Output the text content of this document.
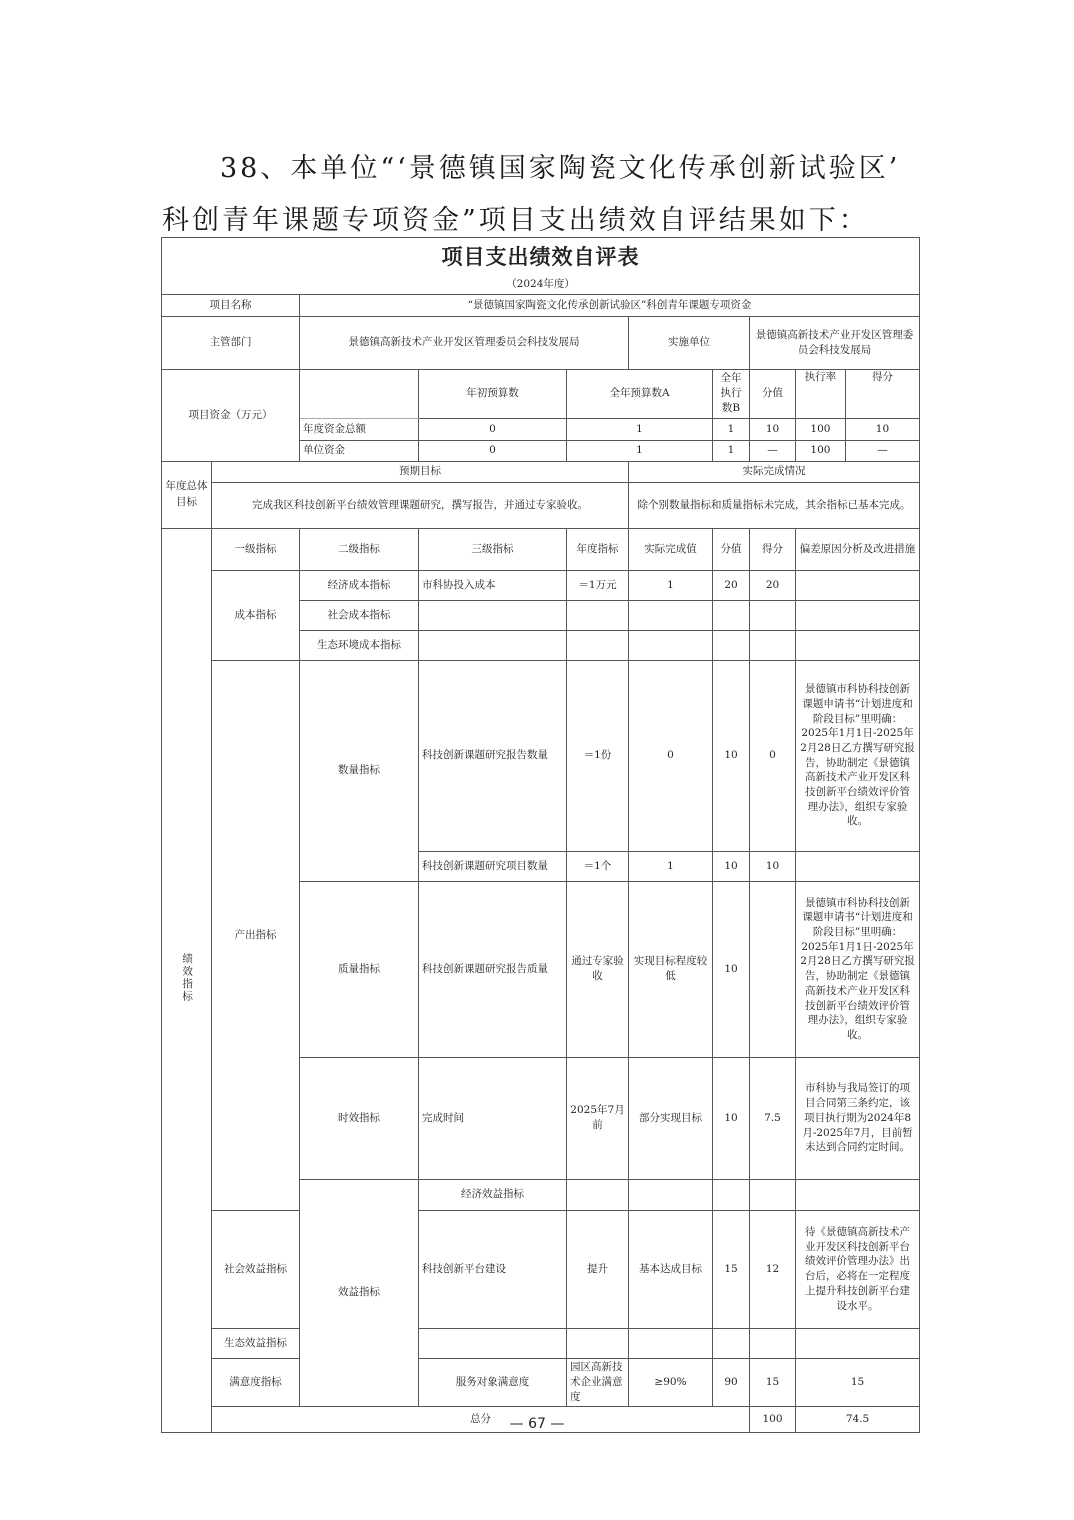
38、本单位“‘景德镇国家陶瓷文化传承创新试验区’
科创青年课题专项资金”项目支出绩效自评结果如下：
项目支出绩效自评表									
（2024年度）									
项目名称		“景德镇国家陶瓷文化传承创新试验区”科创青年课题专项资金							
主管部门		景德镇高新技术产业开发区管理委员会科技发展局			实施单位		景德镇高新技术产业开发区管理委员会科技发展局		
项目资金（万元）			年初预算数	全年预算数A		全年执行数B	分值	执行率 得分	

		年度资金总额	0	1		1	10	100 10	

		单位资金	0	1		1	—	100 —	

年度总体目标	预期目标				实际完成情况				
	完成我区科技创新平台绩效管理课题研究，撰写报告，并通过专家验收。				除个别数量指标和质量指标未完成，其余指标已基本完成。				
绩效指标	一级指标	二级指标	三级指标	年度指标	实际完成值	分值	得分	偏差原因分析及改进措施	
	成本指标	经济成本指标	市科协投入成本	＝1万元	1	20	20		
		社会成本指标							
		生态环境成本指标							
	产出指标	数量指标	科技创新课题研究报告数量	＝1份	0	10	0	景德镇市科协科技创新课题申请书“计划进度和阶段目标”里明确：2025年1月1日-2025年2月28日乙方撰写研究报告，协助制定《景德镇高新技术产业开发区科技创新平台绩效评价管理办法》，组织专家验收。	
			科技创新课题研究项目数量	＝1个	1	10	10		
		质量指标	科技创新课题研究报告质量	通过专家验收	实现目标程度较低	10		景德镇市科协科技创新课题申请书“计划进度和阶段目标”里明确：2025年1月1日-2025年2月28日乙方撰写研究报告，协助制定《景德镇高新技术产业开发区科技创新平台绩效评价管理办法》，组织专家验收。	
		时效指标	完成时间	2025年7月前	部分实现目标	10	7.5	市科协与我局签订的项目合同第三条约定，该项目执行期为2024年8月-2025年7月，目前暂未达到合同约定时间。	
		效益指标	经济效益指标						
	社会效益指标		科技创新平台建设	提升	基本达成目标	15	12	待《景德镇高新技术产业开发区科技创新平台绩效评价管理办法》出台后，必将在一定程度上提升科技创新平台建设水平。	
	生态效益指标								
	满意度指标		服务对象满意度	园区高新技术企业满意度	≥90%	90	15	15	
	总分						100	74.5	
— 67 —
